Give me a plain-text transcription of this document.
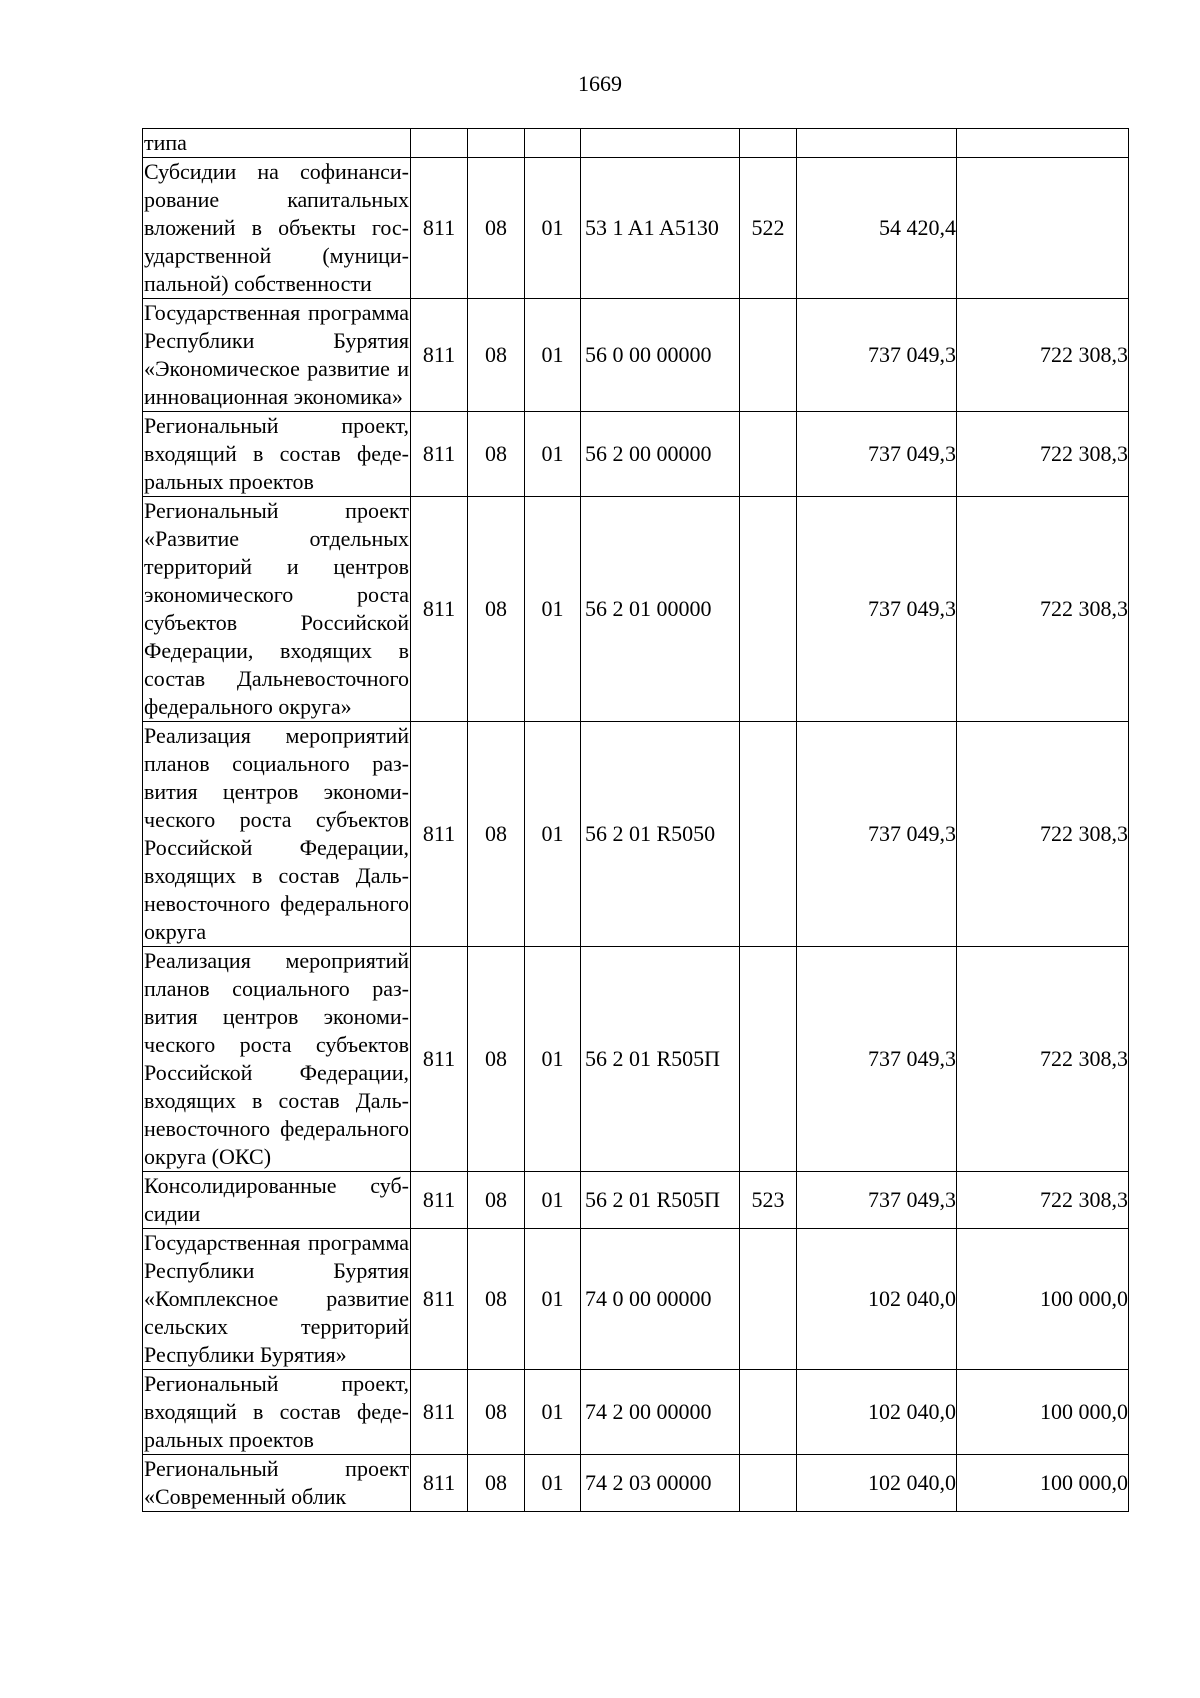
1669
типа							
Субсидии на софинансирование капитальных вложений в объекты государственной (муниципальной) собственности	811	08	01	53 1 A1 A5130	522	54 420,4	
Государственная программа Республики Бурятия «Экономическое развитие и инновационная экономика»	811	08	01	56 0 00 00000		737 049,3	722 308,3
Региональный проект, входящий в состав федеральных проектов	811	08	01	56 2 00 00000		737 049,3	722 308,3
Региональный проект «Развитие отдельных территорий и центров экономического роста субъектов Российской Федерации, входящих в состав Дальневосточного федерального округа»	811	08	01	56 2 01 00000		737 049,3	722 308,3
Реализация мероприятий планов социального развития центров экономического роста субъектов Российской Федерации, входящих в состав Дальневосточного федерального округа	811	08	01	56 2 01 R5050		737 049,3	722 308,3
Реализация мероприятий планов социального развития центров экономического роста субъектов Российской Федерации, входящих в состав Дальневосточного федерального округа (ОКС)	811	08	01	56 2 01 R505П		737 049,3	722 308,3
Консолидированные субсидии	811	08	01	56 2 01 R505П	523	737 049,3	722 308,3
Государственная программа Республики Бурятия «Комплексное развитие сельских территорий Республики Бурятия»	811	08	01	74 0 00 00000		102 040,0	100 000,0
Региональный проект, входящий в состав федеральных проектов	811	08	01	74 2 00 00000		102 040,0	100 000,0
Региональный проект «Современный облик	811	08	01	74 2 03 00000		102 040,0	100 000,0
